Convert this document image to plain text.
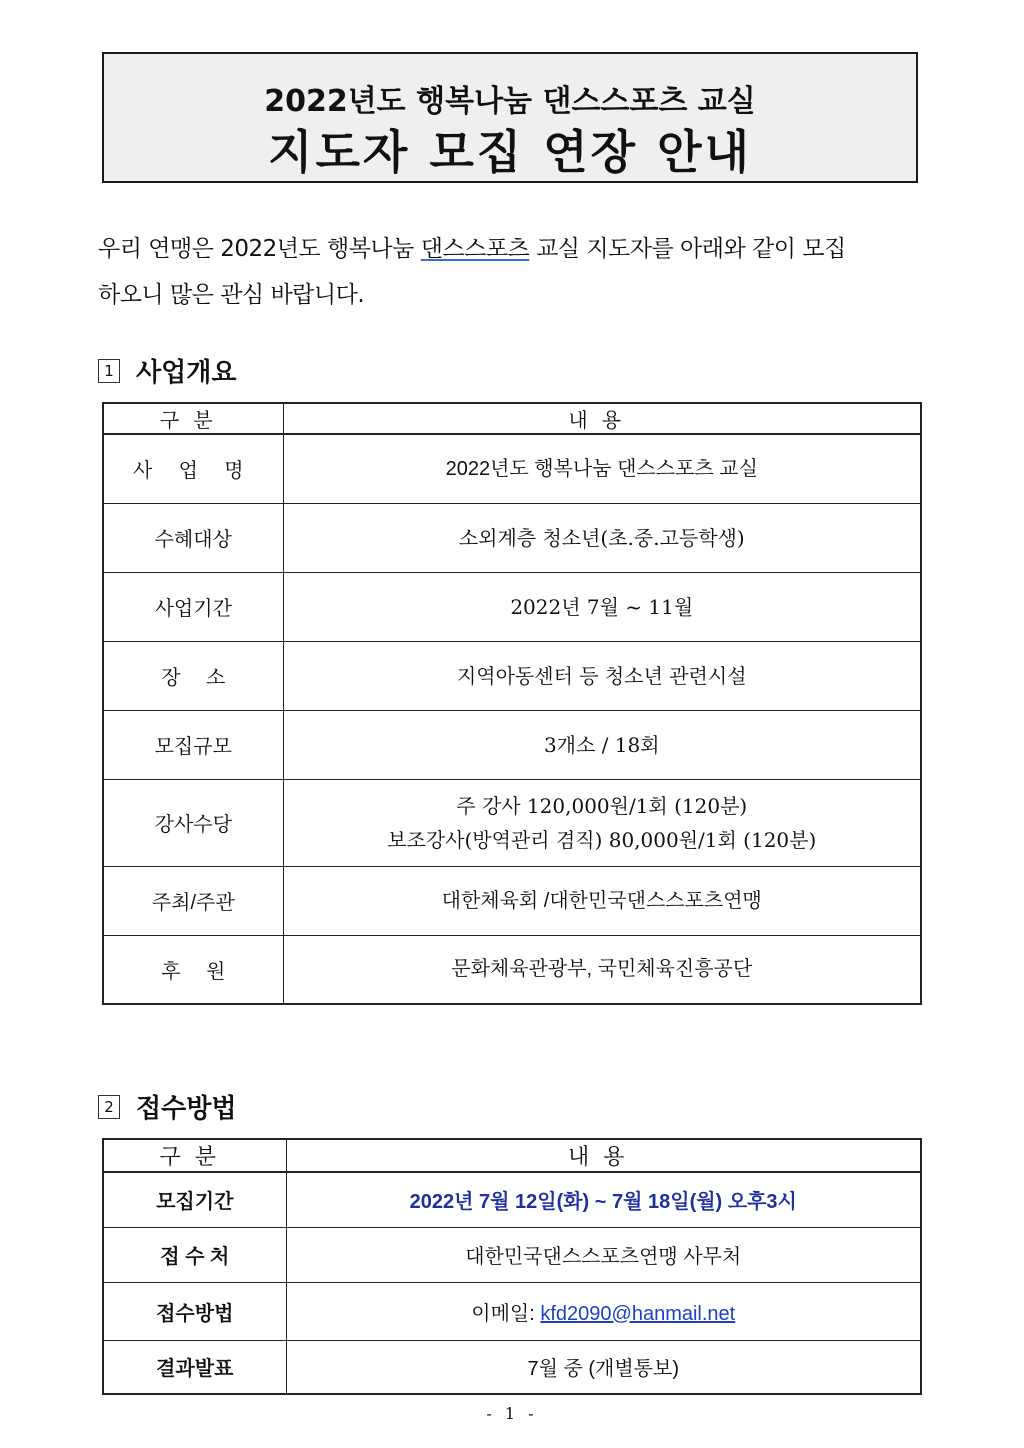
2022년도 행복나눔 댄스스포츠 교실
지도자 모집 연장 안내
우리 연맹은 2022년도 행복나눔 댄스스포츠 교실 지도자를 아래와 같이 모집
하오니 많은 관심 바랍니다.
1 사업개요
구분	내용
사 업 명	2022년도 행복나눔 댄스스포츠 교실
수혜대상	소외계층 청소년(초.중.고등학생)
사업기간	2022년 7월 ~ 11월
장    소	지역아동센터 등 청소년 관련시설
모집규모	3개소 / 18회
강사수당	주 강사 120,000원/1회 (120분)
보조강사(방역관리 겸직) 80,000원/1회 (120분)

주최/주관	대한체육회 /대한민국댄스스포츠연맹
후    원	문화체육관광부, 국민체육진흥공단
2 접수방법
구분	내용
모집기간	2022년 7월 12일(화) ~ 7월 18일(월) 오후3시
접 수 처	대한민국댄스스포츠연맹 사무처
접수방법	이메일: kfd2090@hanmail.net
결과발표	7월 중 (개별통보)
- 1 -
